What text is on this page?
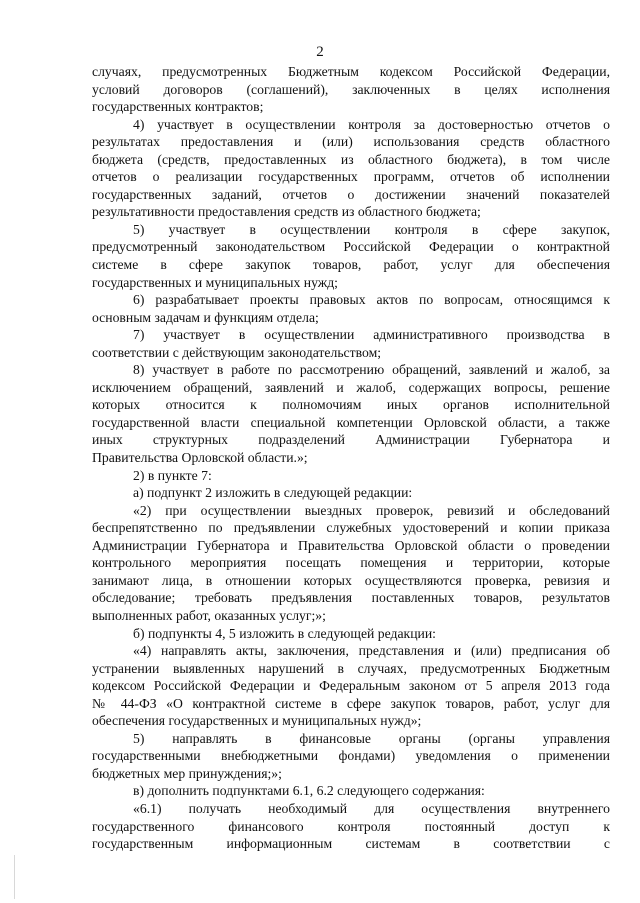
2
случаях, предусмотренных Бюджетным кодексом Российской Федерации,
условий договоров (соглашений), заключенных в целях исполнения
государственных контрактов;
4) участвует в осуществлении контроля за достоверностью отчетов о
результатах предоставления и (или) использования средств областного
бюджета (средств, предоставленных из областного бюджета), в том числе
отчетов о реализации государственных программ, отчетов об исполнении
государственных заданий, отчетов о достижении значений показателей
результативности предоставления средств из областного бюджета;
5) участвует в осуществлении контроля в сфере закупок,
предусмотренный законодательством Российской Федерации о контрактной
системе в сфере закупок товаров, работ, услуг для обеспечения
государственных и муниципальных нужд;
6) разрабатывает проекты правовых актов по вопросам, относящимся к
основным задачам и функциям отдела;
7) участвует в осуществлении административного производства в
соответствии с действующим законодательством;
8) участвует в работе по рассмотрению обращений, заявлений и жалоб, за
исключением обращений, заявлений и жалоб, содержащих вопросы, решение
которых относится к полномочиям иных органов исполнительной
государственной власти специальной компетенции Орловской области, а также
иных структурных подразделений Администрации Губернатора и
Правительства Орловской области.»;
2) в пункте 7:
а) подпункт 2 изложить в следующей редакции:
«2) при осуществлении выездных проверок, ревизий и обследований
беспрепятственно по предъявлении служебных удостоверений и копии приказа
Администрации Губернатора и Правительства Орловской области о проведении
контрольного мероприятия посещать помещения и территории, которые
занимают лица, в отношении которых осуществляются проверка, ревизия и
обследование; требовать предъявления поставленных товаров, результатов
выполненных работ, оказанных услуг;»;
б) подпункты 4, 5 изложить в следующей редакции:
«4) направлять акты, заключения, представления и (или) предписания об
устранении выявленных нарушений в случаях, предусмотренных Бюджетным
кодексом Российской Федерации и Федеральным законом от 5 апреля 2013 года
№ 44-ФЗ «О контрактной системе в сфере закупок товаров, работ, услуг для
обеспечения государственных и муниципальных нужд»;
5) направлять в финансовые органы (органы управления
государственными внебюджетными фондами) уведомления о применении
бюджетных мер принуждения;»;
в) дополнить подпунктами 6.1, 6.2 следующего содержания:
«6.1) получать необходимый для осуществления внутреннего
государственного финансового контроля постоянный доступ к
государственным информационным системам в соответствии с
